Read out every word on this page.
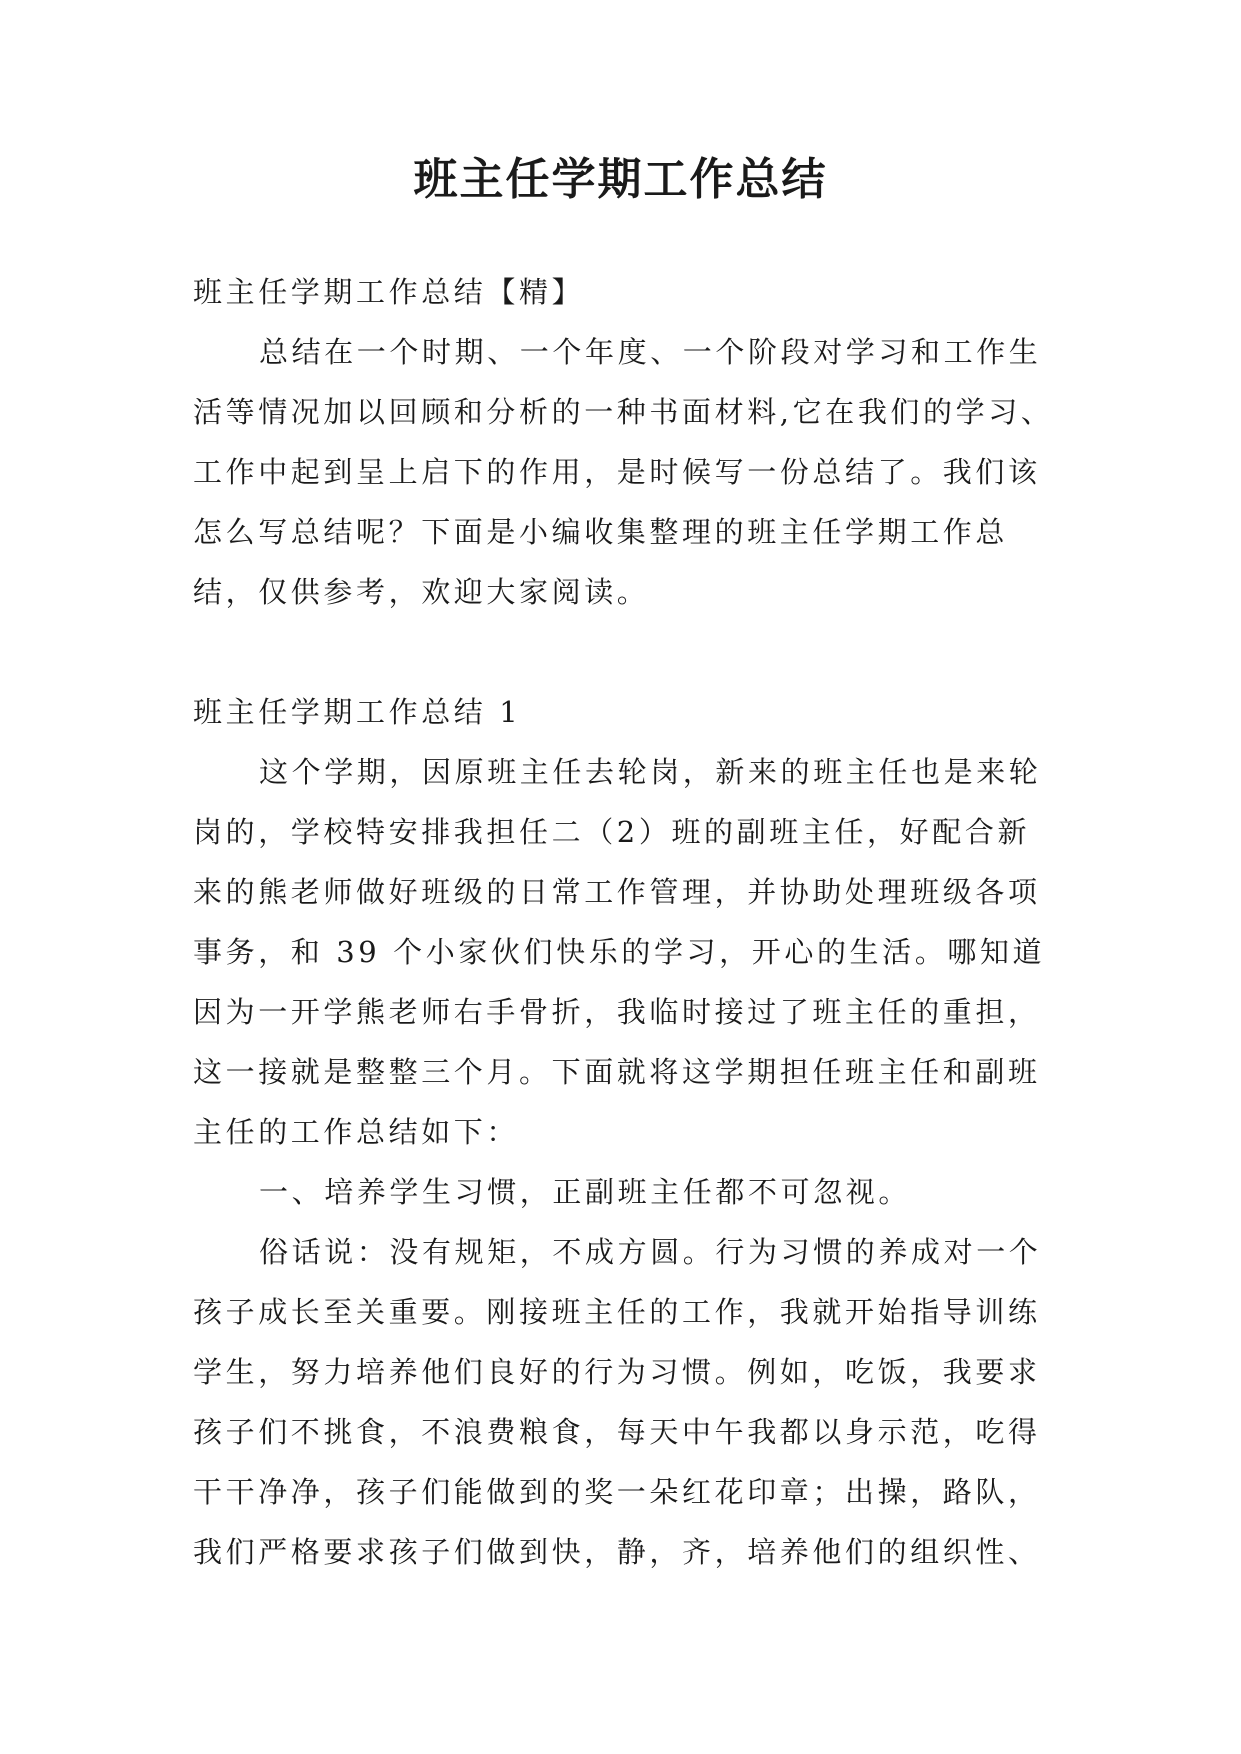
班主任学期工作总结

班主任学期工作总结【精】

总结在一个时期、一个年度、一个阶段对学习和工作生

活等情况加以回顾和分析的一种书面材料,它在我们的学习、

工作中起到呈上启下的作用，是时候写一份总结了。我们该

怎么写总结呢？下面是小编收集整理的班主任学期工作总

结，仅供参考，欢迎大家阅读。

班主任学期工作总结 1

这个学期，因原班主任去轮岗，新来的班主任也是来轮

岗的，学校特安排我担任二（2）班的副班主任，好配合新

来的熊老师做好班级的日常工作管理，并协助处理班级各项

事务，和 39 个小家伙们快乐的学习，开心的生活。哪知道

因为一开学熊老师右手骨折，我临时接过了班主任的重担，

这一接就是整整三个月。下面就将这学期担任班主任和副班

主任的工作总结如下：

一、培养学生习惯，正副班主任都不可忽视。

俗话说：没有规矩，不成方圆。行为习惯的养成对一个

孩子成长至关重要。刚接班主任的工作，我就开始指导训练

学生，努力培养他们良好的行为习惯。例如，吃饭，我要求

孩子们不挑食，不浪费粮食，每天中午我都以身示范，吃得

干干净净，孩子们能做到的奖一朵红花印章；出操，路队，

我们严格要求孩子们做到快，静，齐，培养他们的组织性、
